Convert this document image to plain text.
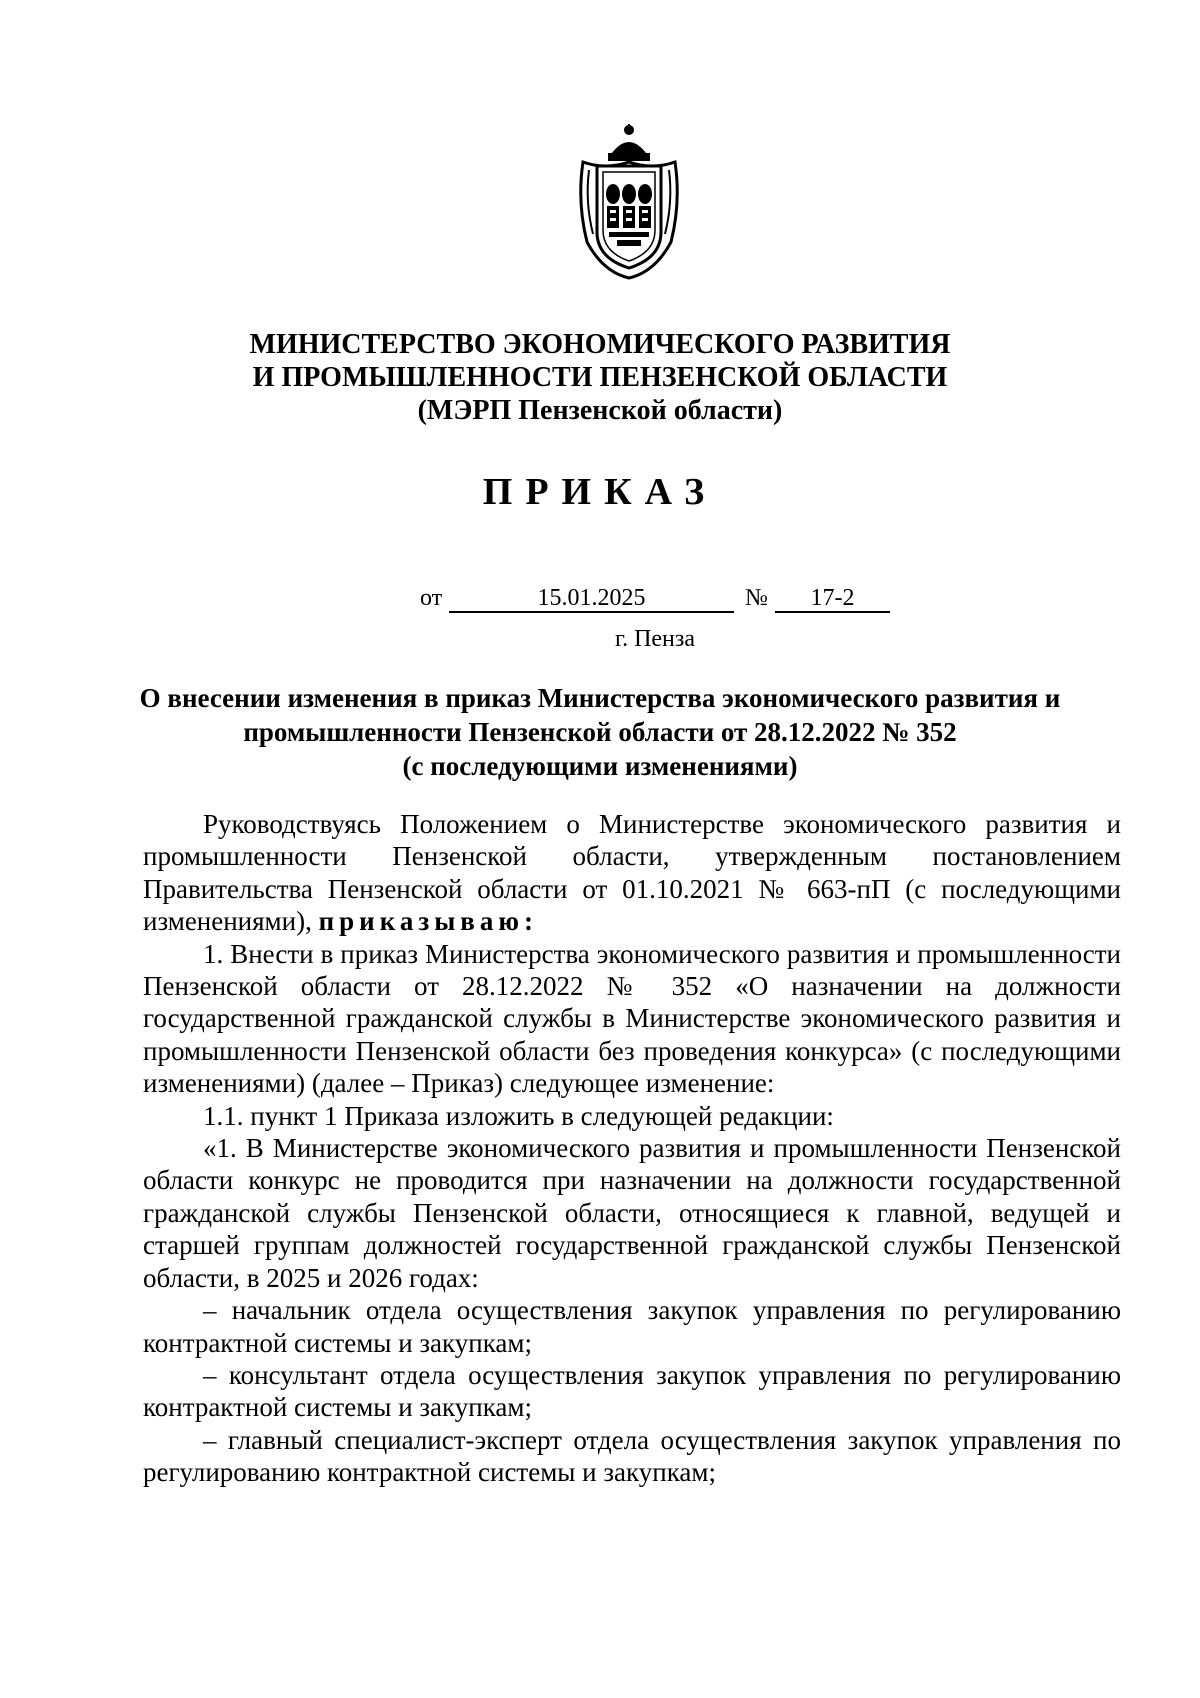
МИНИСТЕРСТВО ЭКОНОМИЧЕСКОГО РАЗВИТИЯ
И ПРОМЫШЛЕННОСТИ ПЕНЗЕНСКОЙ ОБЛАСТИ
(МЭРП Пензенской области)
ПРИКАЗ
от	15.01.2025	№	17-2
г. Пенза
О внесении изменения в приказ Министерства экономического развития и
промышленности Пензенской области от 28.12.2022 № 352
(с последующими изменениями)

Руководствуясь Положением о Министерстве экономического развития и промышленности Пензенской области, утвержденным постановлением Правительства Пензенской области от 01.10.2021 № 663-пП (с последующими изменениями), приказываю:

1. Внести в приказ Министерства экономического развития и промышленности Пензенской области от 28.12.2022 № 352 «О назначении на должности государственной гражданской службы в Министерстве экономического развития и промышленности Пензенской области без проведения конкурса» (с последующими изменениями) (далее – Приказ) следующее изменение:

1.1. пункт 1 Приказа изложить в следующей редакции:

«1. В Министерстве экономического развития и промышленности Пензенской области конкурс не проводится при назначении на должности государственной гражданской службы Пензенской области, относящиеся к главной, ведущей и старшей группам должностей государственной гражданской службы Пензенской области, в 2025 и 2026 годах:

– начальник отдела осуществления закупок управления по регулированию контрактной системы и закупкам;

– консультант отдела осуществления закупок управления по регулированию контрактной системы и закупкам;

– главный специалист-эксперт отдела осуществления закупок управления по регулированию контрактной системы и закупкам;
